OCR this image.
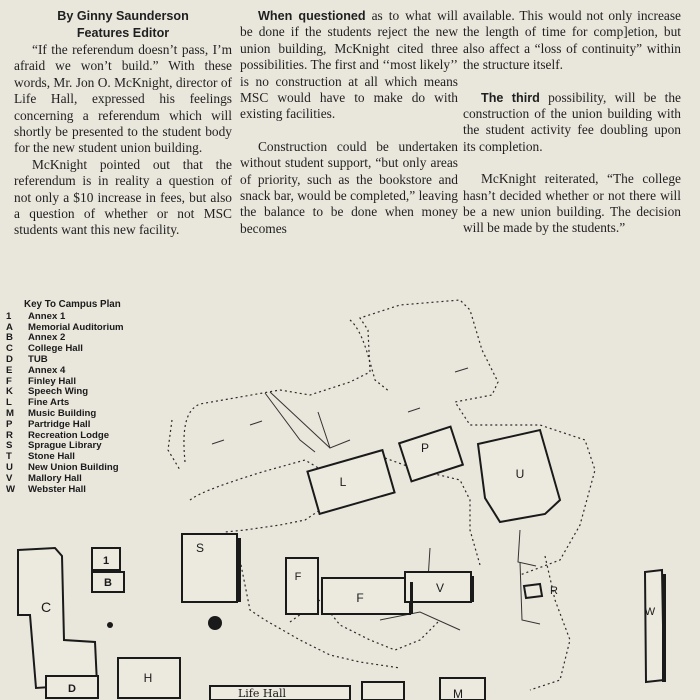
By Ginny Saunderson
Features Editor

“If the referendum doesn’t pass, I’m afraid we won’t build.” With these words, Mr. Jon O. McKnight, director of Life Hall, expressed his feelings concerning a referendum which will shortly be presented to the student body for the new student union building.

McKnight pointed out that the referendum is in reality a question of not only a $10 increase in fees, but also a question of whether or not MSC students want this new facility.

When questioned as to what will be done if the students reject the new union building, McKnight cited three possibilities. The first and ‘‘most likely’’ is no construction at all which means MSC would have to make do with existing facilities.

Construction could be undertaken without student support, “but only areas of priority, such as the bookstore and snack bar, would be completed,” leaving the balance to be done when money becomes

available. This would not only increase the length of time for comp]etion, but also affect a “loss of continuity” within the structure itself.

The third possibility, will be the construction of the union building with the student activity fee doubling upon its completion.

McKnight reiterated, “The college hasn’t decided whether or not there will be a new union building. The decision will be made by the students.”

C
1
B
D
H
S
L
P
U
F
F
V	R
W
M
Life Hall
Key To Campus Plan
1 Annex 1
A Memorial Auditorium
B Annex 2
C College Hall
D TUB
E Annex 4
F Finley Hall
K Speech Wing
L Fine Arts
M Music Building
P Partridge Hall
R Recreation Lodge
S Sprague Library
T Stone Hall
U New Union Building
V Mallory Hall
W Webster Hall
